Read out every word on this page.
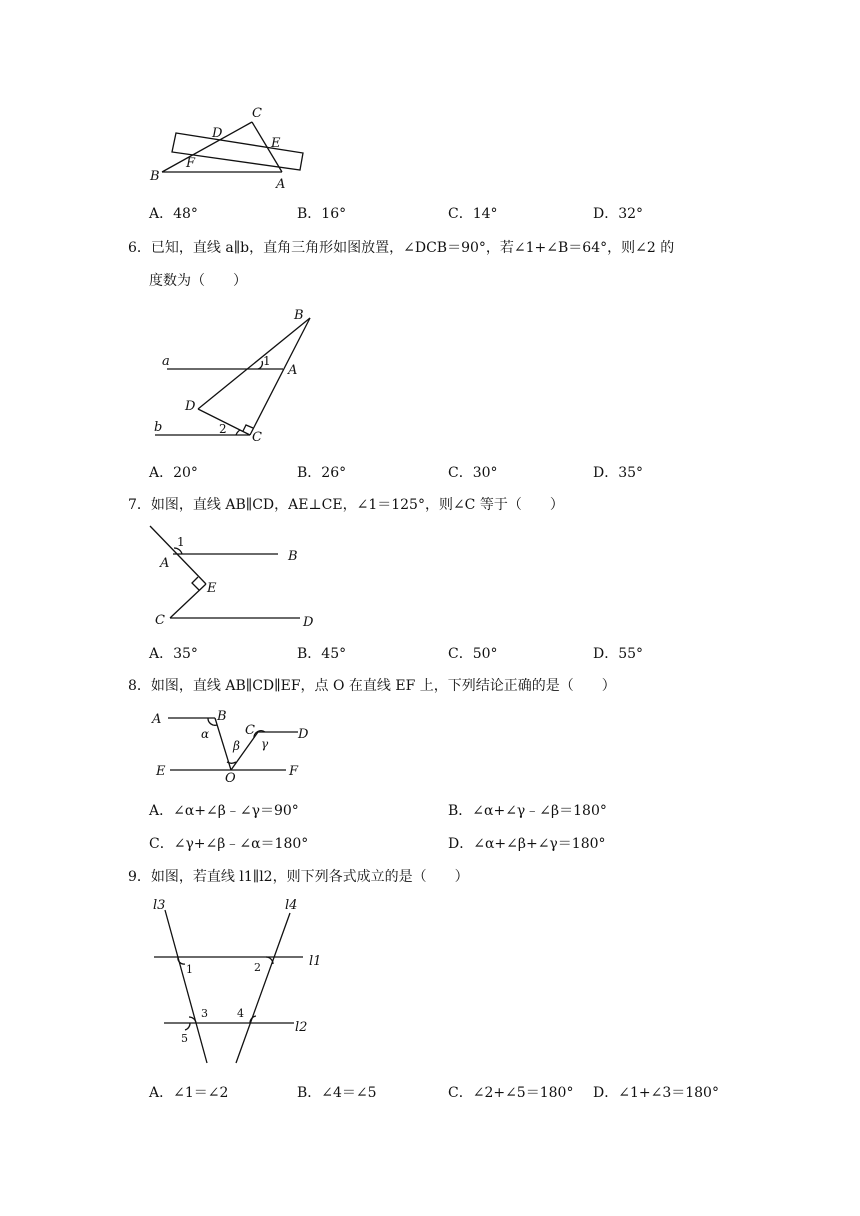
B
C
D
E
F
A
A．48°	B．16°	C．14°	D．32°
6．已知，直线 a∥b，直角三角形如图放置，∠DCB＝90°，若∠1+∠B＝64°，则∠2 的
度数为（　　）
a
b
B
A
D
C
1
2
A．20°	B．26°	C．30°	D．35°
7．如图，直线 AB∥CD，AE⊥CE，∠1＝125°，则∠C 等于（　　）
1
A	B
E
C	D
A．35°	B．45°	C．50°	D．55°
8．如图，直线 AB∥CD∥EF，点 O 在直线 EF 上，下列结论正确的是（　　）
A	B
C	D
E	F
O
α
β γ
A．∠α+∠β﹣∠γ＝90°	B．∠α+∠γ﹣∠β＝180°
C．∠γ+∠β﹣∠α＝180°	D．∠α+∠β+∠γ＝180°
9．如图，若直线 l1∥l2，则下列各式成立的是（　　）
l3	l4
l1
l2
1	2
3	4
5
A．∠1＝∠2	B．∠4＝∠5	C．∠2+∠5＝180° D．∠1+∠3＝180°
